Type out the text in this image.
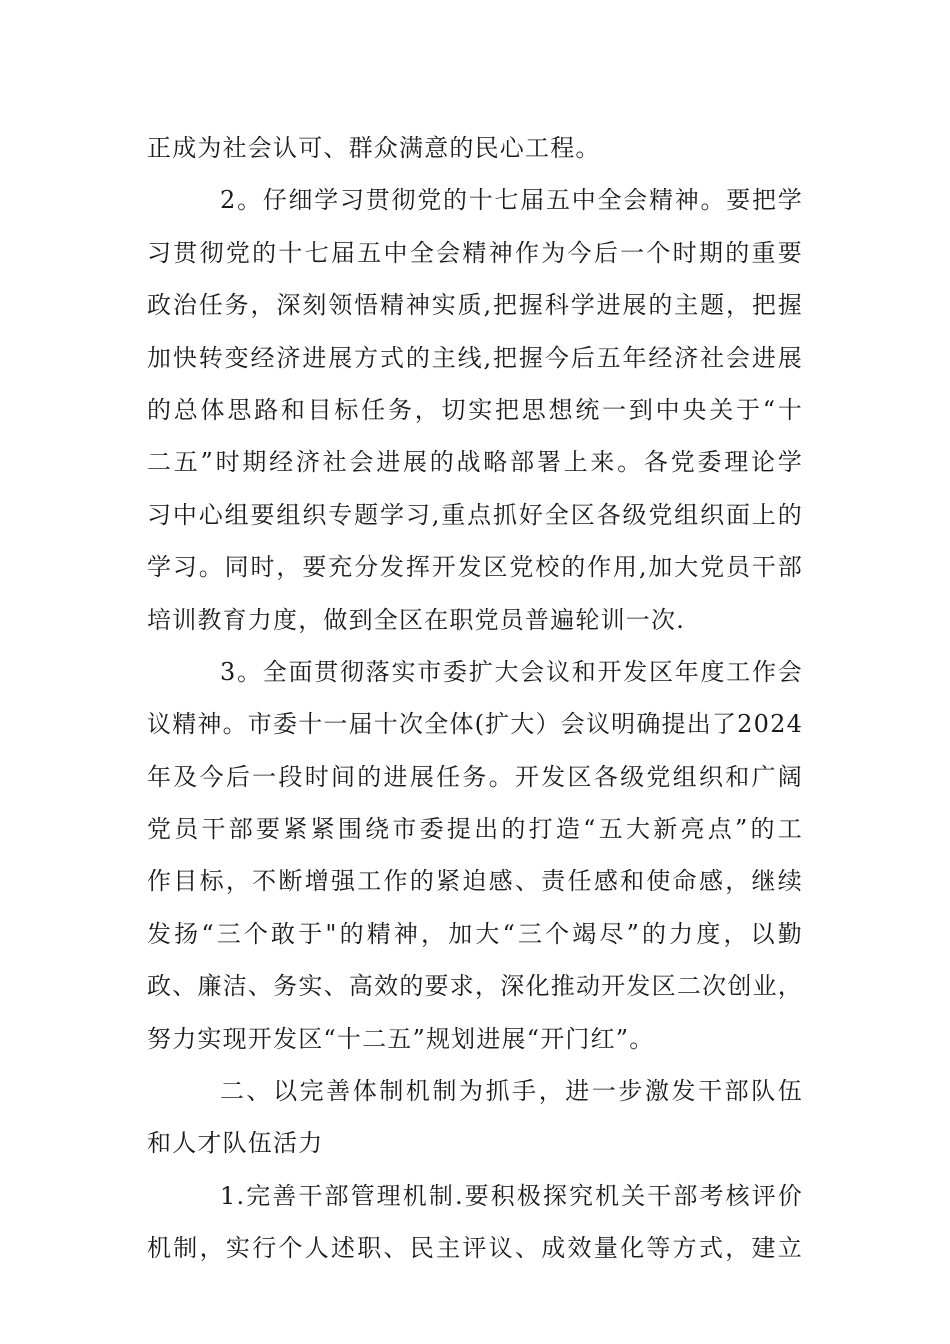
正成为社会认可、群众满意的民心工程。
2。仔细学习贯彻党的十七届五中全会精神。要把学
习贯彻党的十七届五中全会精神作为今后一个时期的重要
政治任务，深刻领悟精神实质,把握科学进展的主题，把握
加快转变经济进展方式的主线,把握今后五年经济社会进展
的总体思路和目标任务，切实把思想统一到中央关于“十
二五”时期经济社会进展的战略部署上来。各党委理论学
习中心组要组织专题学习,重点抓好全区各级党组织面上的
学习。同时，要充分发挥开发区党校的作用,加大党员干部
培训教育力度，做到全区在职党员普遍轮训一次.
3。全面贯彻落实市委扩大会议和开发区年度工作会
议精神。市委十一届十次全体(扩大）会议明确提出了2024
年及今后一段时间的进展任务。开发区各级党组织和广阔
党员干部要紧紧围绕市委提出的打造“五大新亮点”的工
作目标，不断增强工作的紧迫感、责任感和使命感，继续
发扬“三个敢于"的精神，加大“三个竭尽”的力度，以勤
政、廉洁、务实、高效的要求，深化推动开发区二次创业，
努力实现开发区“十二五”规划进展“开门红”。
二、以完善体制机制为抓手，进一步激发干部队伍
和人才队伍活力
1.完善干部管理机制.要积极探究机关干部考核评价
机制，实行个人述职、民主评议、成效量化等方式，建立
